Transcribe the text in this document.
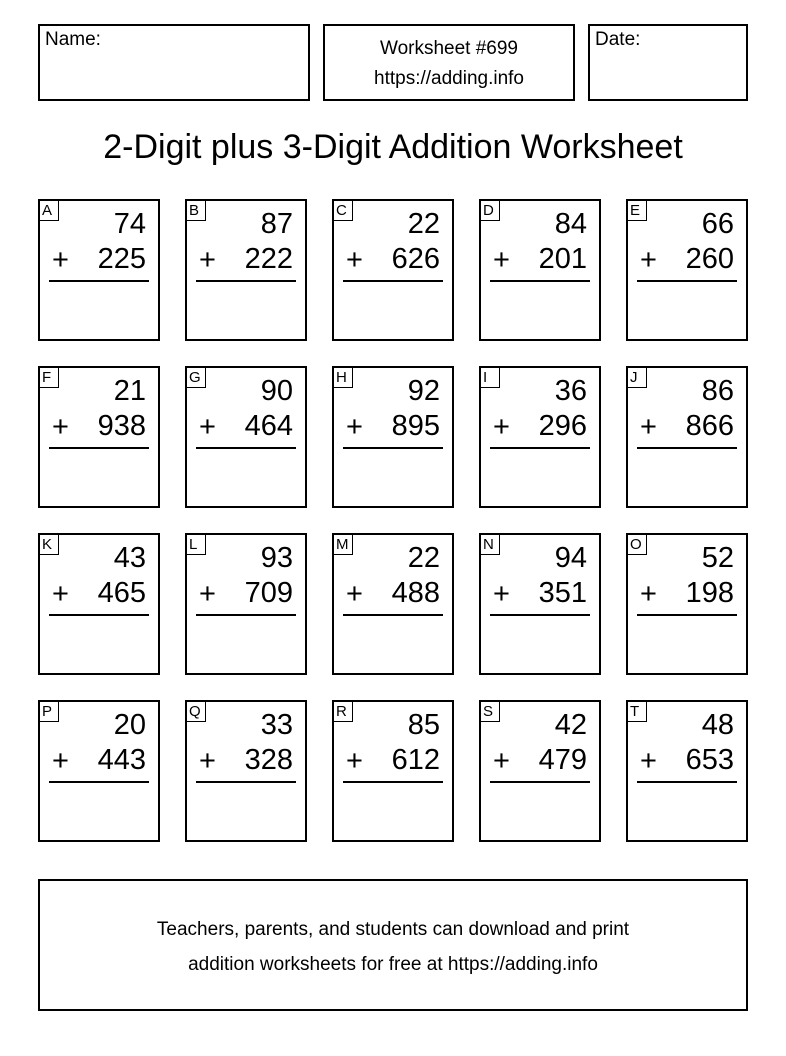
Name:	Worksheet #699
https://adding.info
Date:
2-Digit plus 3-Digit Addition Worksheet
A 74
+ 225
B 87
+ 222
C 22
+ 626
D 84
+ 201
E 66
+ 260
F 21
+ 938
G 90
+ 464
H 92
+ 895
I	36
+ 296
J	86
+ 866
K 43
+ 465
L 93
+ 709
M 22
+ 488
N 94
+ 351
O 52
+ 198
P 20
+ 443
Q 33
+ 328
R 85
+ 612
S 42
+ 479
T 48
+ 653
Teachers, parents, and students can download and print
addition worksheets for free at https://adding.info
